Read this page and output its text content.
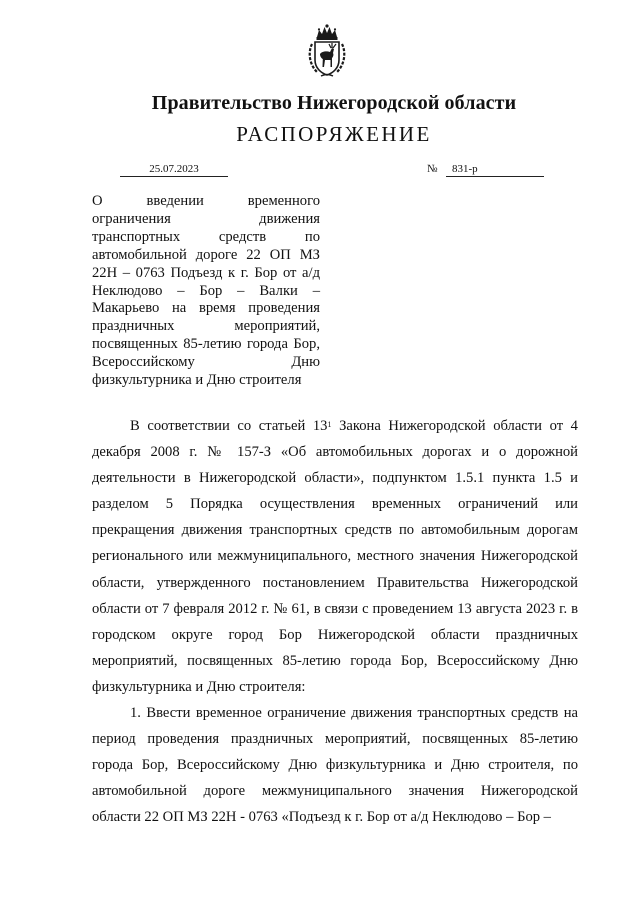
Правительство Нижегородской области
РАСПОРЯЖЕНИЕ
25.07.2023	№	831-р
О введении временного ограничения движения транспортных средств по автомобильной дороге 22 ОП МЗ 22Н – 0763 Подъезд к г. Бор от а/д Неклюдово – Бор – Валки – Макарьево на время проведения праздничных мероприятий, посвященных 85-летию города Бор, Всероссийскому Дню физкультурника и Дню строителя

В соответствии со статьей $13^1$ Закона Нижегородской области от 4 декабря 2008 г. № 157-З «Об автомобильных дорогах и о дорожной деятельности в Нижегородской области», подпунктом 1.5.1 пункта 1.5 и разделом 5 Порядка осуществления временных ограничений или прекращения движения транспортных средств по автомобильным дорогам регионального или межмуниципального, местного значения Нижегородской области, утвержденного постановлением Правительства Нижегородской области от 7 февраля 2012 г. № 61, в связи с проведением 13 августа 2023 г. в городском округе город Бор Нижегородской области праздничных мероприятий, посвященных 85-летию города Бор, Всероссийскому Дню физкультурника и Дню строителя:

1. Ввести временное ограничение движения транспортных средств на период проведения праздничных мероприятий, посвященных 85-летию города Бор, Всероссийскому Дню физкультурника и Дню строителя, по автомобильной дороге межмуниципального значения Нижегородской области 22 ОП МЗ 22Н - 0763 «Подъезд к г. Бор от а/д Неклюдово – Бор –
